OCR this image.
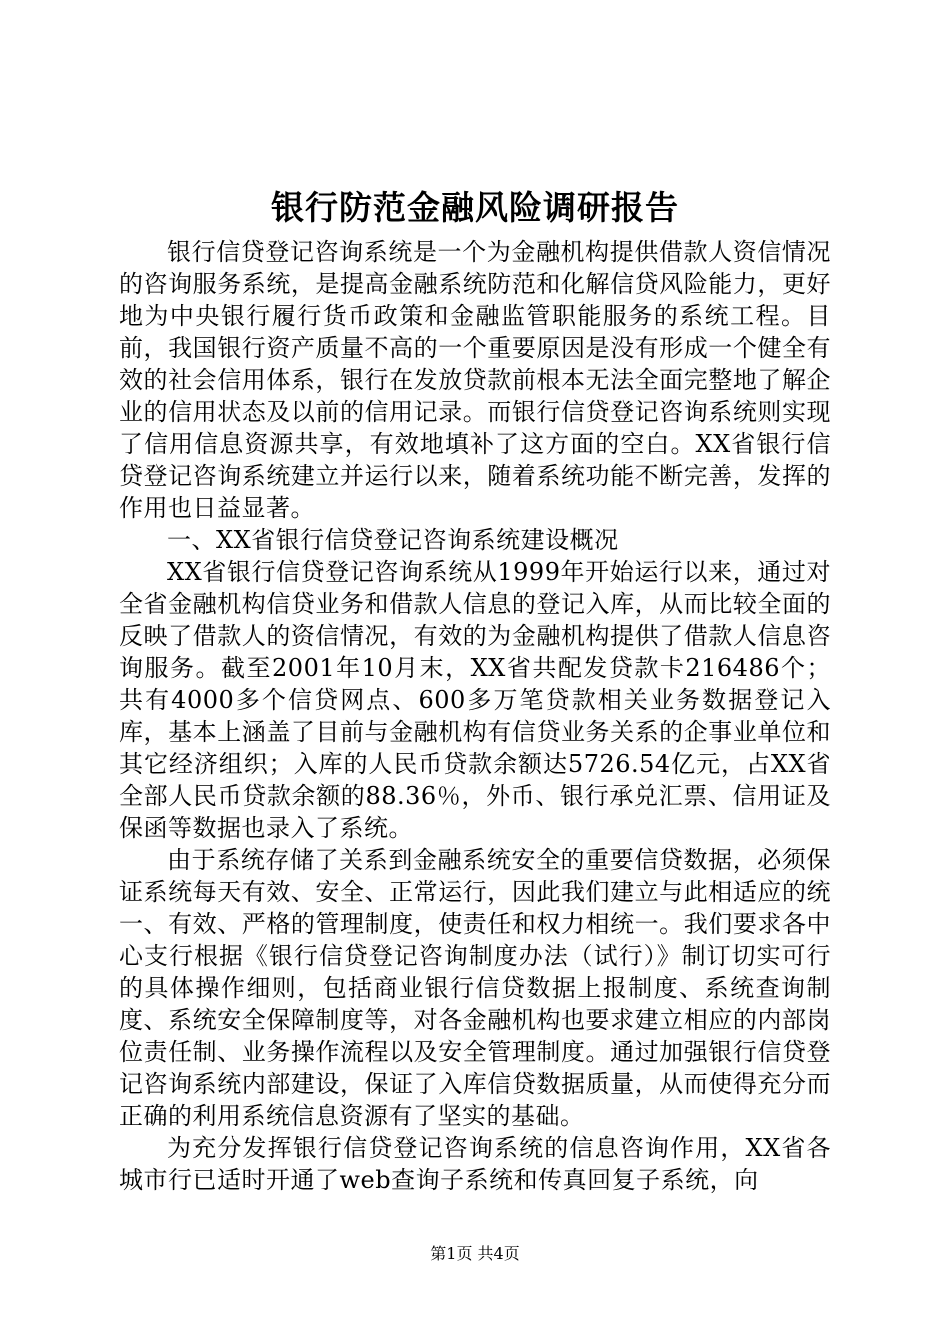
银行防范金融风险调研报告

银行信贷登记咨询系统是一个为金融机构提供借款人资信情况的咨询服务系统，是提高金融系统防范和化解信贷风险能力，更好地为中央银行履行货币政策和金融监管职能服务的系统工程。目前，我国银行资产质量不高的一个重要原因是没有形成一个健全有效的社会信用体系，银行在发放贷款前根本无法全面完整地了解企业的信用状态及以前的信用记录。而银行信贷登记咨询系统则实现了信用信息资源共享，有效地填补了这方面的空白。XX省银行信贷登记咨询系统建立并运行以来，随着系统功能不断完善，发挥的作用也日益显著。

一、XX省银行信贷登记咨询系统建设概况

XX省银行信贷登记咨询系统从1999年开始运行以来，通过对全省金融机构信贷业务和借款人信息的登记入库，从而比较全面的反映了借款人的资信情况，有效的为金融机构提供了借款人信息咨询服务。截至2001年10月末，XX省共配发贷款卡216486个；共有4000多个信贷网点、600多万笔贷款相关业务数据登记入库，基本上涵盖了目前与金融机构有信贷业务关系的企事业单位和其它经济组织；入库的人民币贷款余额达5726.54亿元，占XX省全部人民币贷款余额的88.36％，外币、银行承兑汇票、信用证及保函等数据也录入了系统。

由于系统存储了关系到金融系统安全的重要信贷数据，必须保证系统每天有效、安全、正常运行，因此我们建立与此相适应的统一、有效、严格的管理制度，使责任和权力相统一。我们要求各中心支行根据《银行信贷登记咨询制度办法（试行）》制订切实可行的具体操作细则，包括商业银行信贷数据上报制度、系统查询制度、系统安全保障制度等，对各金融机构也要求建立相应的内部岗位责任制、业务操作流程以及安全管理制度。通过加强银行信贷登记咨询系统内部建设，保证了入库信贷数据质量，从而使得充分而正确的利用系统信息资源有了坚实的基础。

为充分发挥银行信贷登记咨询系统的信息咨询作用，XX省各城市行已适时开通了web查询子系统和传真回复子系统，向

第1页 共4页
